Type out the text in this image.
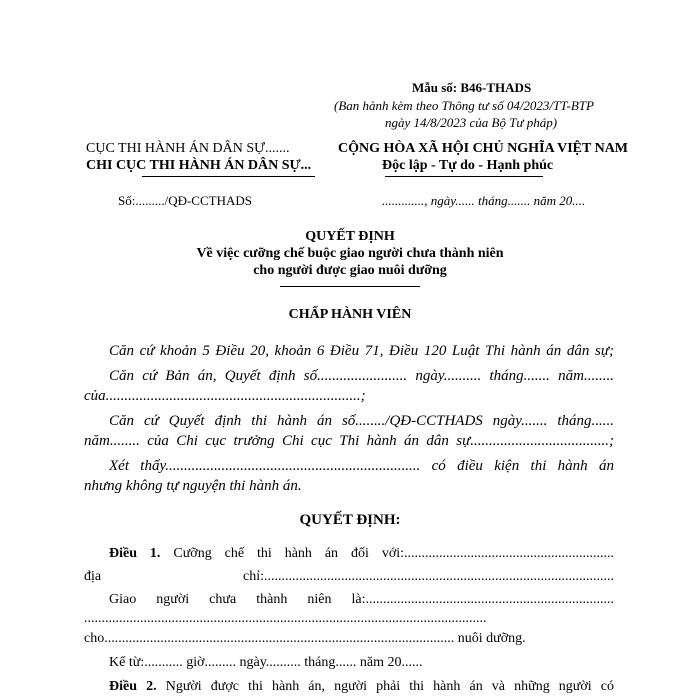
Mẫu số: B46-THADS
(Ban hành kèm theo Thông tư số 04/2023/TT-BTP
ngày 14/8/2023 của Bộ Tư pháp)
CỤC THI HÀNH ÁN DÂN SỰ.......
CHI CỤC THI HÀNH ÁN DÂN SỰ...
CỘNG HÒA XÃ HỘI CHỦ NGHĨA VIỆT NAM
Độc lập - Tự do - Hạnh phúc
Số:........./QĐ-CCTHADS	............., ngày...... tháng....... năm 20....
QUYẾT ĐỊNH
Về việc cưỡng chế buộc giao người chưa thành niên
cho người được giao nuôi dưỡng
CHẤP HÀNH VIÊN
Căn cứ khoản 5 Điều 20, khoản 6 Điều 71, Điều 120 Luật Thi hành án dân sự;
Căn cứ Bản án, Quyết định số........................ ngày.......... tháng....... năm........
của....................................................................;
Căn cứ Quyết định thi hành án số......../QĐ-CCTHADS ngày....... tháng......
năm........ của Chi cục trưởng Chi cục Thi hành án dân sự.....................................;
Xét thấy.................................................................... có điều kiện thi hành án
nhưng không tự nguyện thi hành án.
QUYẾT ĐỊNH:
Điều 1. Cưỡng chế thi hành án đối với:............................................................
địa chỉ:....................................................................................................
Giao người chưa thành niên là:.......................................................................
...................................................................................................................
cho.................................................................................................... nuôi dưỡng.
Kể từ:........... giờ......... ngày.......... tháng...... năm 20......
Điều 2. Người được thi hành án, người phải thi hành án và những người có
